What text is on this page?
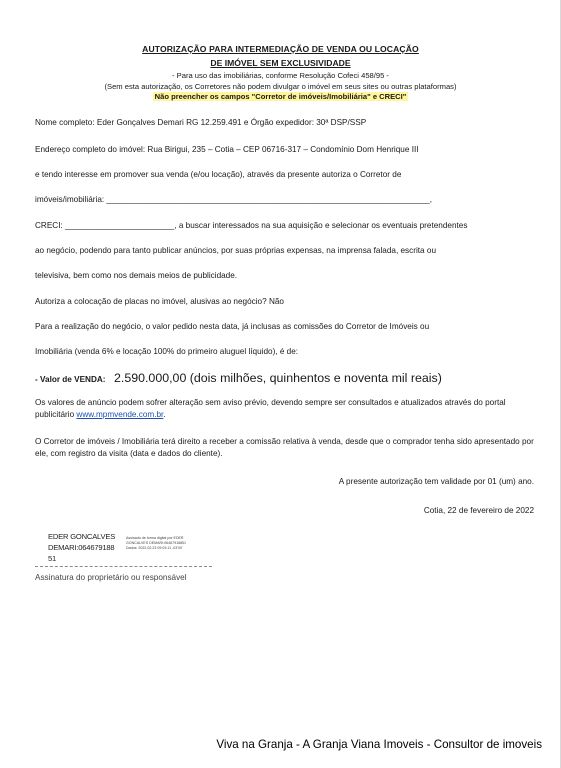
AUTORIZAÇÃO PARA INTERMEDIAÇÃO DE VENDA OU LOCAÇÃO
DE IMÓVEL SEM EXCLUSIVIDADE
- Para uso das imobiliárias, conforme Resolução Cofeci 458/95 -
(Sem esta autorização, os Corretores não podem divulgar o imóvel em seus sites ou outras plataformas)
Não preencher os campos "Corretor de imóveis/Imobiliária" e CRECI"
Nome completo: Eder Gonçalves Demari RG 12.259.491 e Órgão expedidor: 30ª DSP/SSP
Endereço completo do imóvel: Rua Birigui, 235 – Cotia – CEP 06716-317 – Condomínio Dom Henrique III
e tendo interesse em promover sua venda (e/ou locação), através da presente autoriza o Corretor de
imóveis/imobiliária: _______________________________________________________________________,
CRECI: ________________________, a buscar interessados na sua aquisição e selecionar os eventuais pretendentes
ao negócio, podendo para tanto publicar anúncios, por suas próprias expensas, na imprensa falada, escrita ou
televisiva, bem como nos demais meios de publicidade.
Autoriza a colocação de placas no imóvel, alusivas ao negócio? Não
Para a realização do negócio, o valor pedido nesta data, já inclusas as comissões do Corretor de Imóveis ou
Imobiliária (venda 6% e locação 100% do primeiro aluguel líquido), é de:
- Valor de VENDA: 2.590.000,00 (dois milhões, quinhentos e noventa mil reais)
Os valores de anúncio podem sofrer alteração sem aviso prévio, devendo sempre ser consultados e atualizados através do portal publicitário www.mpmvende.com.br.
O Corretor de imóveis / Imobiliária terá direito a receber a comissão relativa à venda, desde que o comprador tenha sido apresentado por ele, com registro da visita (data e dados do cliente).
A presente autorização tem validade por 01 (um) ano.
Cotia, 22 de fevereiro de 2022
EDER GONCALVES
DEMARI:064679188
51
Assinado de forma digital por EDER
GONCALVES DEMARI:06467918851
Dados: 2022.02.23 09:03:11 -03'00'
Assinatura do proprietário ou responsável
Viva na Granja - A Granja Viana Imoveis - Consultor de imoveis
